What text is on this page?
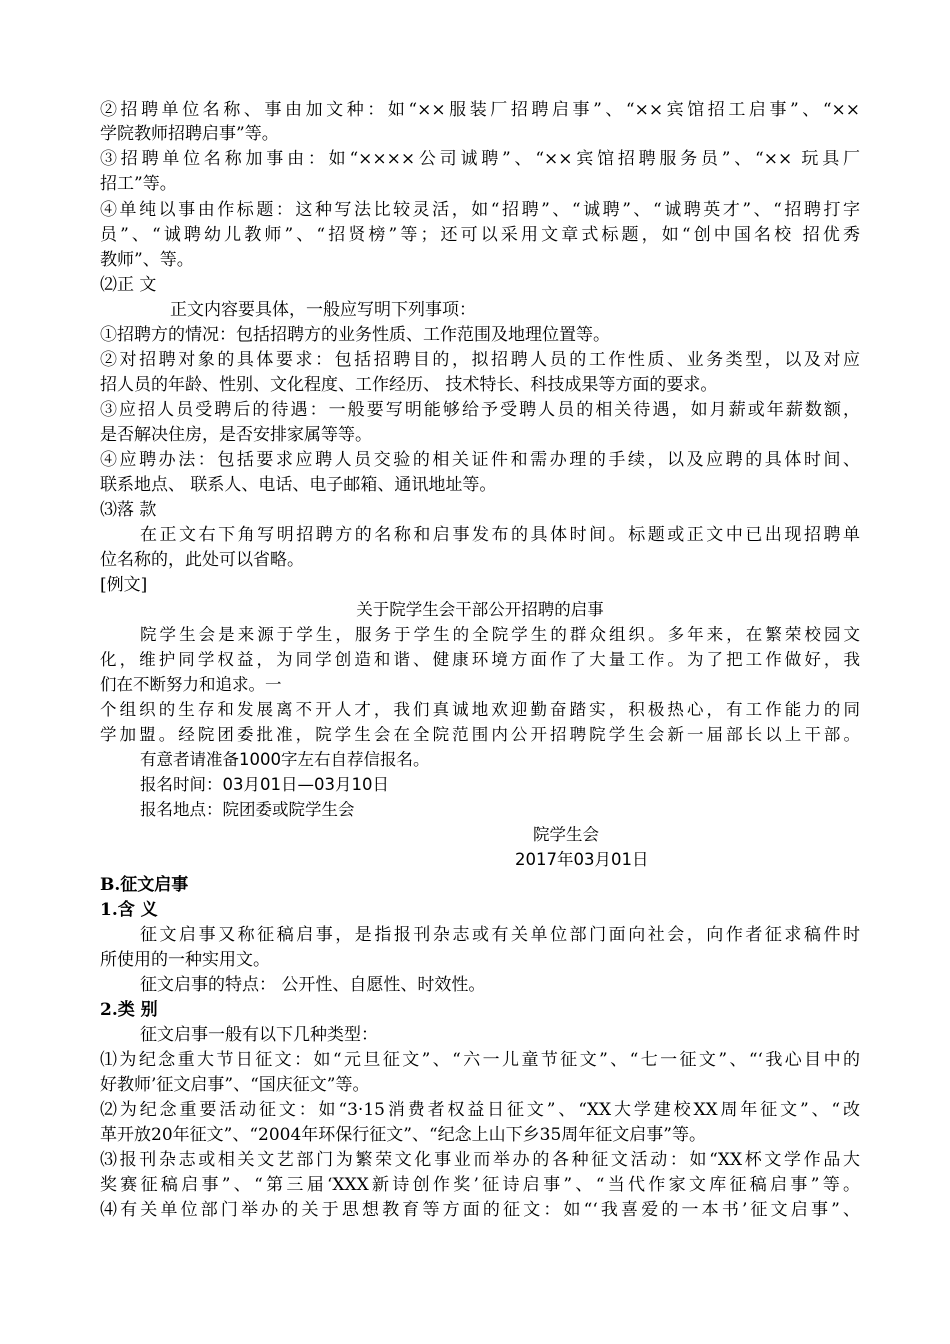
②招聘单位名称、事由加文种：如“××服装厂招聘启事”、“××宾馆招工启事”、“××
学院教师招聘启事”等。
③招聘单位名称加事由：如“××××公司诚聘”、“××宾馆招聘服务员”、“×× 玩具厂
招工”等。
④单纯以事由作标题：这种写法比较灵活，如“招聘”、“诚聘”、“诚聘英才”、“招聘打字
员”、“诚聘幼儿教师”、“招贤榜”等；还可以采用文章式标题，如“创中国名校 招优秀
教师”、等。
⑵正 文
正文内容要具体，一般应写明下列事项：
①招聘方的情况：包括招聘方的业务性质、工作范围及地理位置等。
②对招聘对象的具体要求：包括招聘目的，拟招聘人员的工作性质、业务类型，以及对应
招人员的年龄、性别、文化程度、工作经历、 技术特长、科技成果等方面的要求。
③应招人员受聘后的待遇：一般要写明能够给予受聘人员的相关待遇，如月薪或年薪数额，
是否解决住房，是否安排家属等等。
④应聘办法：包括要求应聘人员交验的相关证件和需办理的手续，以及应聘的具体时间、
联系地点、 联系人、电话、电子邮箱、通讯地址等。
⑶落 款
在正文右下角写明招聘方的名称和启事发布的具体时间。标题或正文中已出现招聘单
位名称的，此处可以省略。
[例文]
关于院学生会干部公开招聘的启事
院学生会是来源于学生，服务于学生的全院学生的群众组织。多年来，在繁荣校园文
化，维护同学权益，为同学创造和谐、健康环境方面作了大量工作。为了把工作做好，我
们在不断努力和追求。一
个组织的生存和发展离不开人才，我们真诚地欢迎勤奋踏实，积极热心，有工作能力的同
学加盟。经院团委批准，院学生会在全院范围内公开招聘院学生会新一届部长以上干部。
有意者请准备1000字左右自荐信报名。
报名时间：03月01日—03月10日
报名地点：院团委或院学生会
院学生会
2017年03月01日
B.征文启事
1.含 义
征文启事又称征稿启事，是指报刊杂志或有关单位部门面向社会，向作者征求稿件时
所使用的一种实用文。
征文启事的特点： 公开性、自愿性、时效性。
2.类 别
征文启事一般有以下几种类型：
⑴为纪念重大节日征文：如“元旦征文”、“六一儿童节征文”、“七一征文”、“‘我心目中的
好教师’征文启事”、“国庆征文”等。
⑵为纪念重要活动征文：如“3·15消费者权益日征文”、“XX大学建校XX周年征文”、“改
革开放20年征文”、“2004年环保行征文”、“纪念上山下乡35周年征文启事”等。
⑶报刊杂志或相关文艺部门为繁荣文化事业而举办的各种征文活动：如“XX杯文学作品大
奖赛征稿启事”、“第三届‘XXX新诗创作奖’征诗启事”、“当代作家文库征稿启事”等。
⑷有关单位部门举办的关于思想教育等方面的征文：如“‘我喜爱的一本书’征文启事”、
